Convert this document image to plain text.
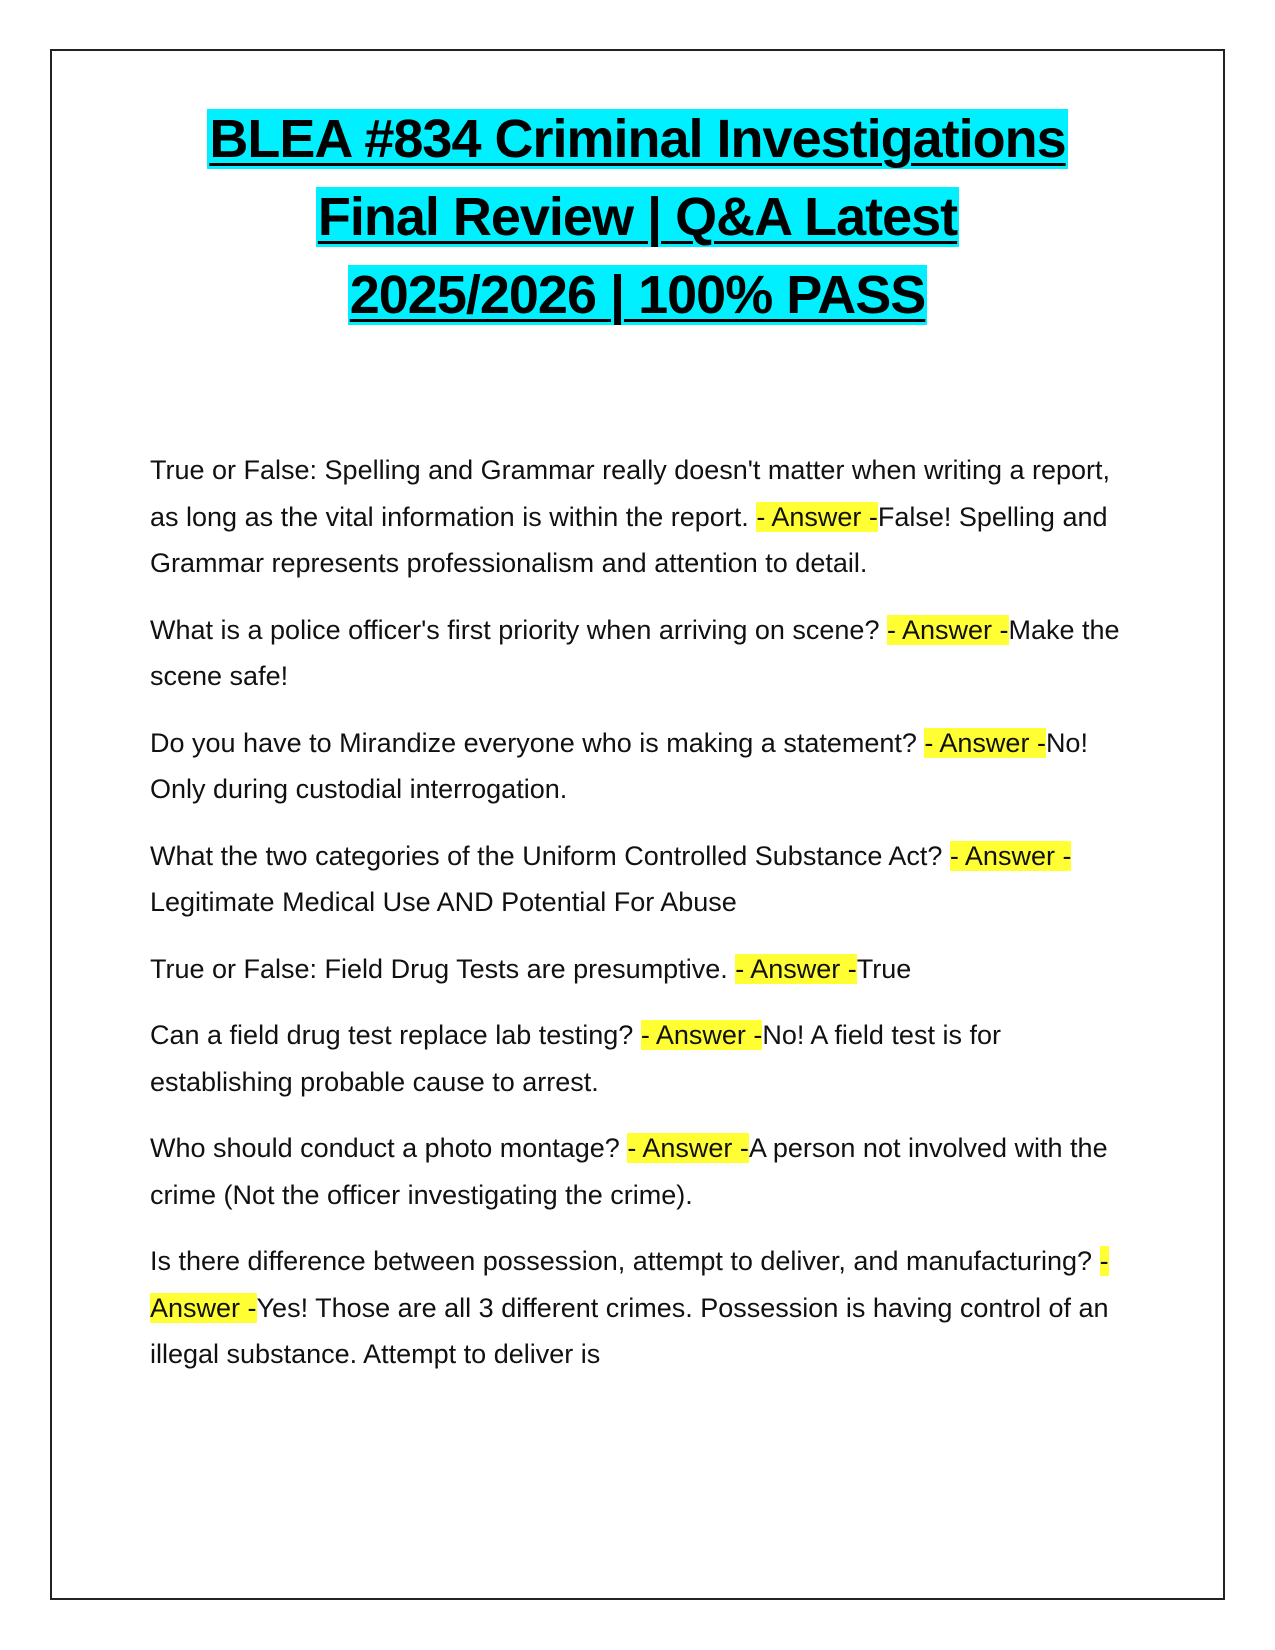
BLEA #834 Criminal Investigations
Final Review | Q&A Latest
2025/2026 | 100% PASS

True or False: Spelling and Grammar really doesn't matter when writing a report, as long as the vital information is within the report. - Answer -False! Spelling and Grammar represents professionalism and attention to detail.

What is a police officer's first priority when arriving on scene? - Answer -Make the scene safe!

Do you have to Mirandize everyone who is making a statement? - Answer -No! Only during custodial interrogation.

What the two categories of the Uniform Controlled Substance Act? - Answer -Legitimate Medical Use AND Potential For Abuse

True or False: Field Drug Tests are presumptive. - Answer -True

Can a field drug test replace lab testing? - Answer -No! A field test is for establishing probable cause to arrest.

Who should conduct a photo montage? - Answer -A person not involved with the crime (Not the officer investigating the crime).

Is there difference between possession, attempt to deliver, and manufacturing? - Answer -Yes! Those are all 3 different crimes. Possession is having control of an illegal substance. Attempt to deliver is
